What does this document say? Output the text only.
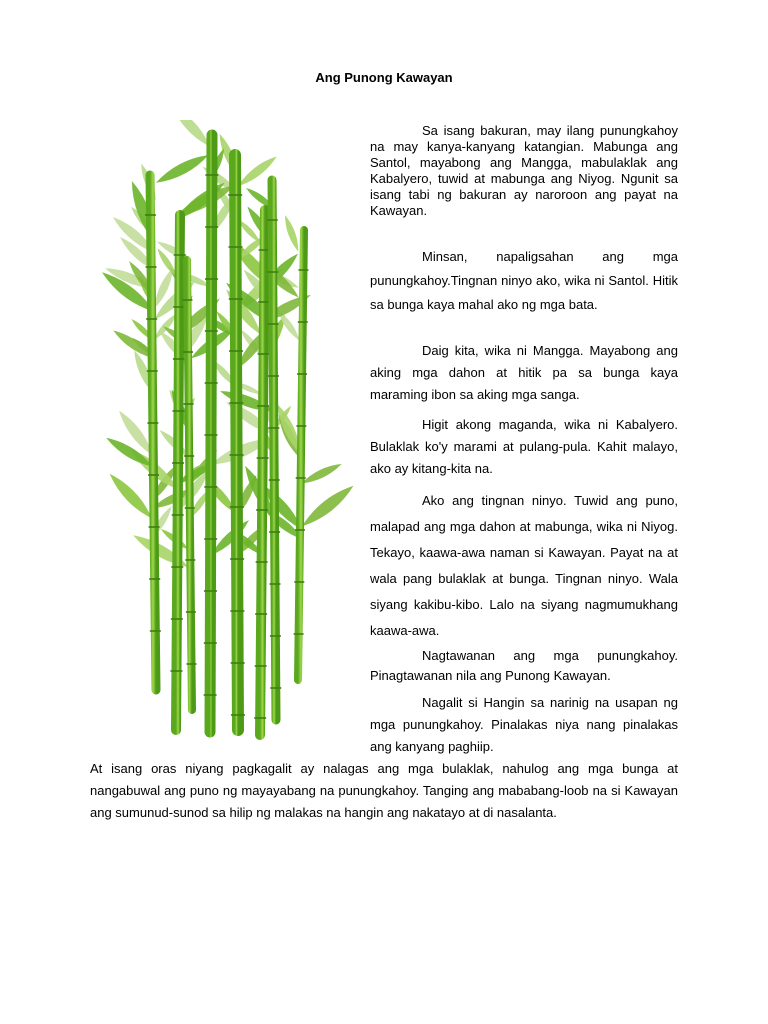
Ang Punong Kawayan

Sa isang bakuran, may ilang punungkahoy na may kanya-kanyang katangian. Mabunga ang Santol, mayabong ang Mangga, mabulaklak ang Kabalyero, tuwid at mabunga ang Niyog. Ngunit sa isang tabi ng bakuran ay naroroon ang payat na Kawayan.

Minsan, napaligsahan ang mga punungkahoy.Tingnan ninyo ako, wika ni Santol. Hitik sa bunga kaya mahal ako ng mga bata.

Daig kita, wika ni Mangga. Mayabong ang aking mga dahon at hitik pa sa bunga kaya maraming ibon sa aking mga sanga.

Higit akong maganda, wika ni Kabalyero. Bulaklak ko'y marami at pulang-pula. Kahit malayo, ako ay kitang-kita na.

Ako ang tingnan ninyo. Tuwid ang puno, malapad ang mga dahon at mabunga, wika ni Niyog. Tekayo, kaawa-awa naman si Kawayan. Payat na at wala pang bulaklak at bunga. Tingnan ninyo. Wala siyang kakibu-kibo. Lalo na siyang nagmumukhang kaawa-awa.

Nagtawanan ang mga punungkahoy. Pinagtawanan nila ang Punong Kawayan.

Nagalit si Hangin sa narinig na usapan ng mga punungkahoy. Pinalakas niya nang pinalakas ang kanyang paghiip.

At isang oras niyang pagkagalit ay nalagas ang mga bulaklak, nahulog ang mga bunga at nangabuwal ang puno ng mayayabang na punungkahoy. Tanging ang mababang-loob na si Kawayan ang sumunud-sunod sa hilip ng malakas na hangin ang nakatayo at di nasalanta.
